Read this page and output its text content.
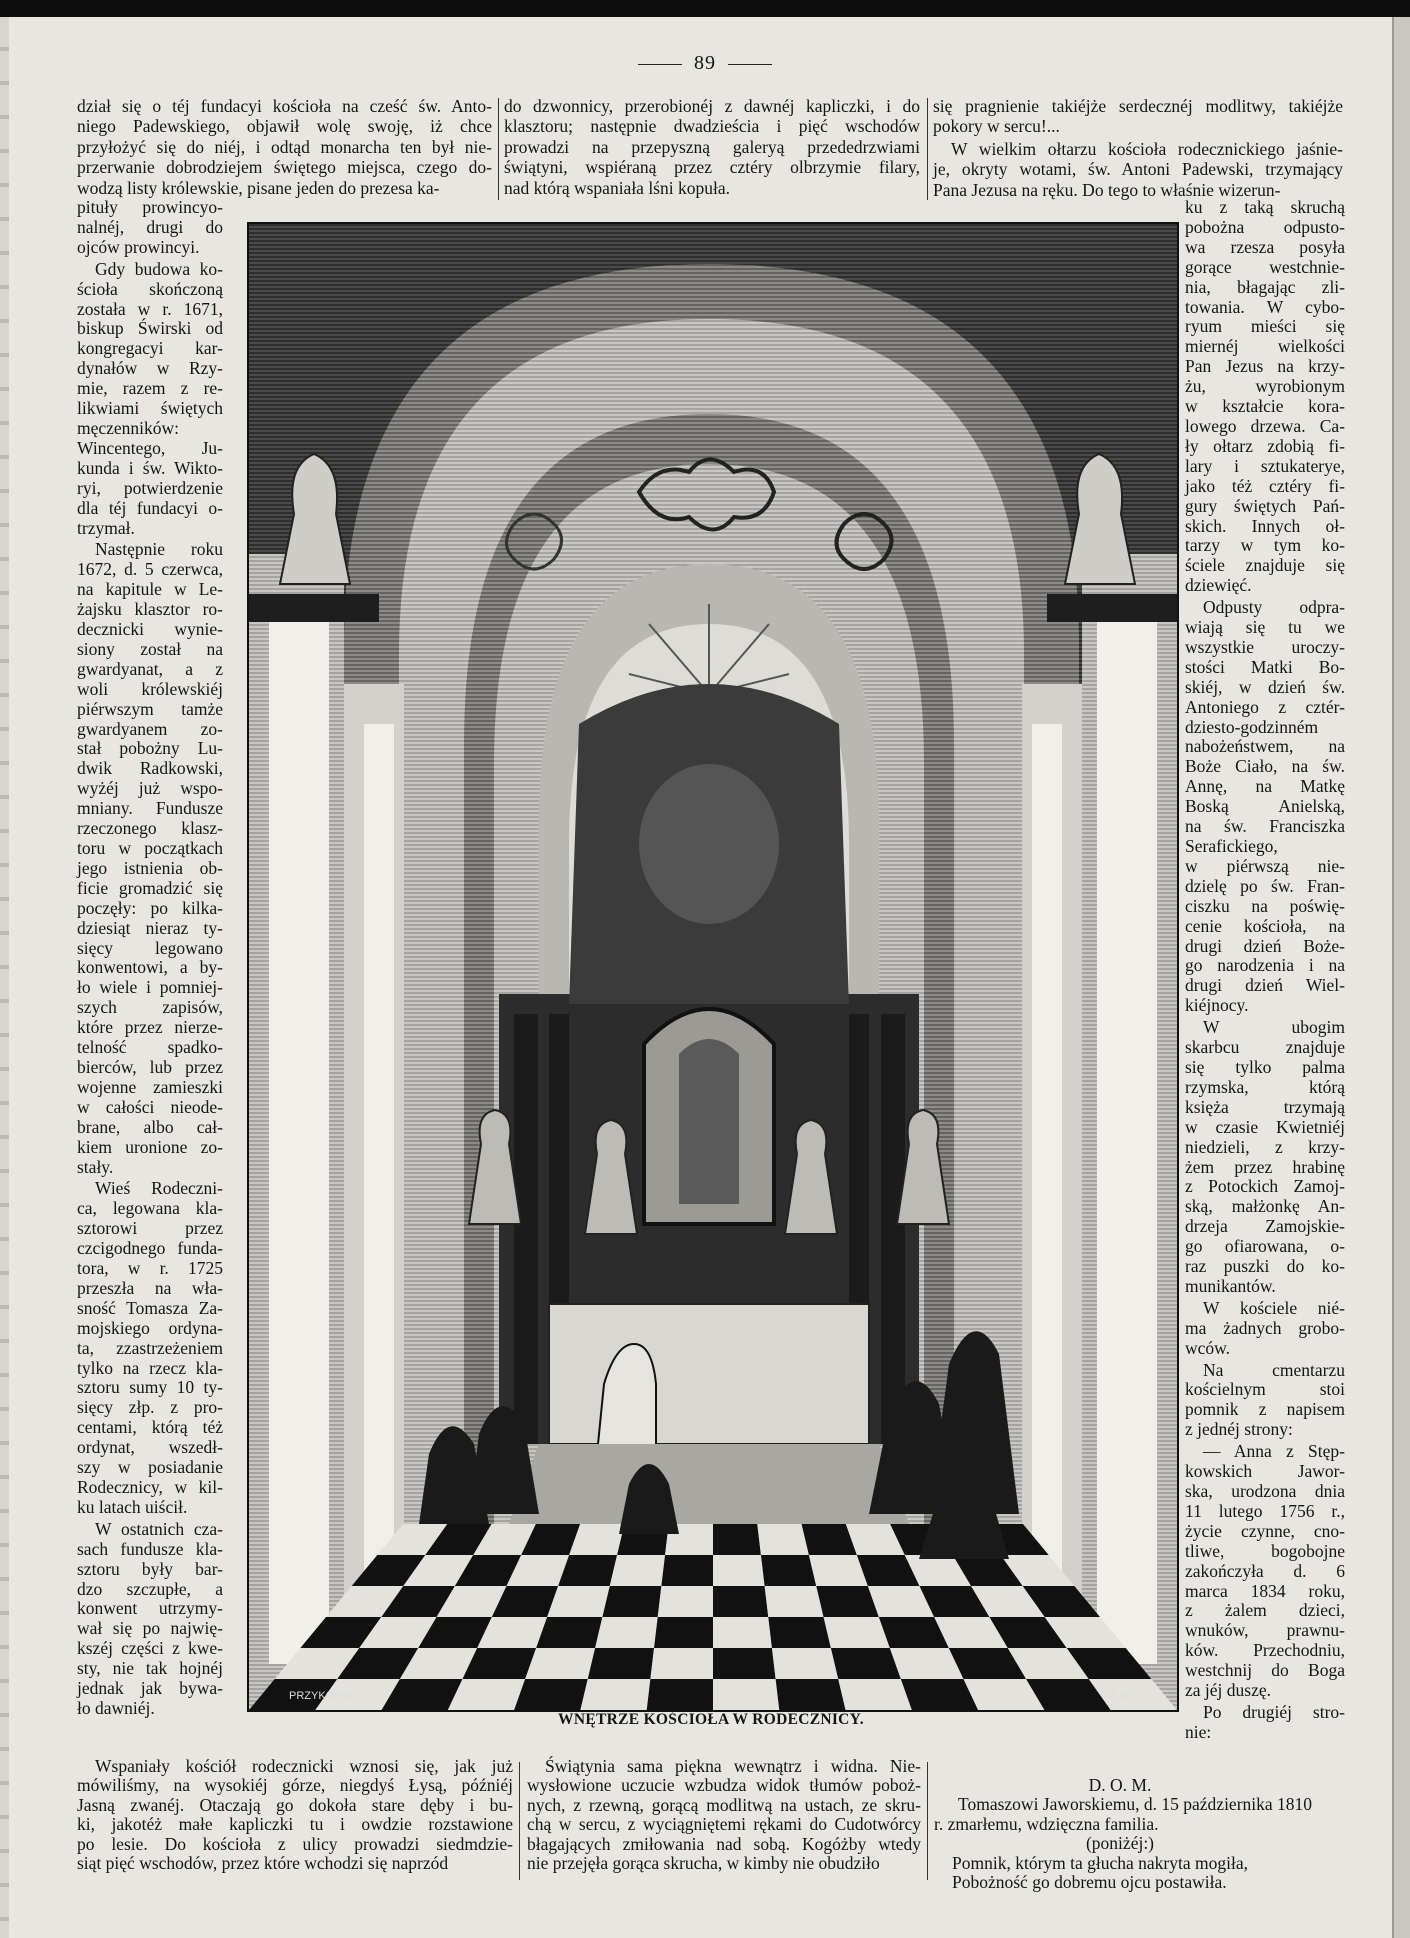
89
dział się o téj fundacyi kościoła na cześć św. Anto-
niego Padewskiego, objawił wolę swoję, iż chce
przyłożyć się do niéj, i odtąd monarcha ten był nie-
przerwanie dobrodziejem świętego miejsca, czego do-
wodzą listy królewskie, pisane jeden do prezesa ka-
do dzwonnicy, przerobionéj z dawnéj kapliczki, i do
klasztoru; następnie dwadzieścia i pięć wschodów
prowadzi na przepyszną galeryą przededrzwiami
świątyni, wspiéraną przez cztéry olbrzymie filary,
nad którą wspaniała lśni kopuła.
się pragnienie takiéjże serdecznéj modlitwy, takiéjże
pokory w sercu!...
W wielkim ołtarzu kościoła rodecznickiego jaśnie-
je, okryty wotami, św. Antoni Padewski, trzymający
Pana Jezusa na ręku. Do tego to właśnie wizerun-
pituły prowincyo-
nalnéj, drugi do
ojców prowincyi.
Gdy budowa ko-
ścioła skończoną
została w r. 1671,
biskup Świrski od
kongregacyi kar-
dynałów w Rzy-
mie, razem z re-
likwiami świętych
męczenników:
Wincentego, Ju-
kunda i św. Wikto-
ryi, potwierdzenie
dla téj fundacyi o-
trzymał.
Następnie roku
1672, d. 5 czerwca,
na kapitule w Le-
żajsku klasztor ro-
decznicki wynie-
siony został na
gwardyanat, a z
woli królewskiéj
piérwszym tamże
gwardyanem zo-
stał pobożny Lu-
dwik Radkowski,
wyżéj już wspo-
mniany. Fundusze
rzeczonego klasz-
toru w początkach
jego istnienia ob-
ficie gromadzić się
poczęły: po kilka-
dziesiąt nieraz ty-
sięcy legowano
konwentowi, a by-
ło wiele i pomniej-
szych zapisów,
które przez nierze-
telność spadko-
bierców, lub przez
wojenne zamieszki
w całości nieode-
brane, albo cał-
kiem uronione zo-
stały.
Wieś Rodeczni-
ca, legowana kla-
sztorowi przez
czcigodnego funda-
tora, w r. 1725
przeszła na wła-
sność Tomasza Za-
mojskiego ordyna-
ta, zzastrzeżeniem
tylko na rzecz kla-
sztoru sumy 10 ty-
sięcy złp. z pro-
centami, którą téż
ordynat, wszedł-
szy w posiadanie
Rodecznicy, w kil-
ku latach uiścił.
W ostatnich cza-
sach fundusze kla-
sztoru były bar-
dzo szczupłe, a
konwent utrzymy-
wał się po najwię-
kszéj części z kwe-
sty, nie tak hojnéj
jednak jak bywa-
ło dawniéj.
ku z taką skruchą
pobożna odpusto-
wa rzesza posyła
gorące westchnie-
nia, błagając zli-
towania. W cybo-
ryum mieści się
miernéj wielkości
Pan Jezus na krzy-
żu, wyrobionym
w kształcie kora-
lowego drzewa. Ca-
ły ołtarz zdobią fi-
lary i sztukaterye,
jako téż cztéry fi-
gury świętych Pań-
skich. Innych oł-
tarzy w tym ko-
ściele znajduje się
dziewięć.
Odpusty odpra-
wiają się tu we
wszystkie uroczy-
stości Matki Bo-
skiéj, w dzień św.
Antoniego z cztér-
dziesto-godzinném
nabożeństwem, na
Boże Ciało, na św.
Annę, na Matkę
Boską Anielską,
na św. Franciszka
Serafickiego,
w piérwszą nie-
dzielę po św. Fran-
ciszku na poświę-
cenie kościoła, na
drugi dzień Boże-
go narodzenia i na
drugi dzień Wiel-
kiéjnocy.
W ubogim
skarbcu znajduje
się tylko palma
rzymska, którą
księża trzymają
w czasie Kwietniéj
niedzieli, z krzy-
żem przez hrabinę
z Potockich Zamoj-
ską, małżonkę An-
drzeja Zamojskie-
go ofiarowana, o-
raz puszki do ko-
munikantów.
W kościele nié-
ma żadnych grobo-
wców.
Na cmentarzu
kościelnym stoi
pomnik z napisem
z jednéj strony:
— Anna z Stęp-
kowskich Jawor-
ska, urodzona dnia
11 lutego 1756 r.,
życie czynne, cno-
tliwe, bogobojne
zakończyła d. 6
marca 1834 roku,
z żalem dzieci,
wnuków, prawnu-
ków. Przechodniu,
westchnij do Boga
za jéj duszę.
Po drugiéj stro-
nie:
PRZYKORSKI	A.K.
WNĘTRZE KOŚCIOŁA W RODECZNICY.
Wspaniały kościół rodecznicki wznosi się, jak już
mówiliśmy, na wysokiéj górze, niegdyś Łysą, późniéj
Jasną zwanéj. Otaczają go dokoła stare dęby i bu-
ki, jakotéż małe kapliczki tu i owdzie rozstawione
po lesie. Do kościoła z ulicy prowadzi siedmdzie-
siąt pięć wschodów, przez które wchodzi się naprzód
Świątynia sama piękna wewnątrz i widna. Nie-
wysłowione uczucie wzbudza widok tłumów poboż-
nych, z rzewną, gorącą modlitwą na ustach, ze skru-
chą w sercu, z wyciągniętemi rękami do Cudotwórcy
błagających zmiłowania nad sobą. Kogóżby wtedy
nie przejęła gorąca skrucha, w kimby nie obudziło
D. O. M.
Tomaszowi Jaworskiemu, d. 15 października 1810
r. zmarłemu, wdzięczna familia.
(poniżéj:)
Pomnik, którym ta głucha nakryta mogiła,
Pobożność go dobremu ojcu postawiła.
